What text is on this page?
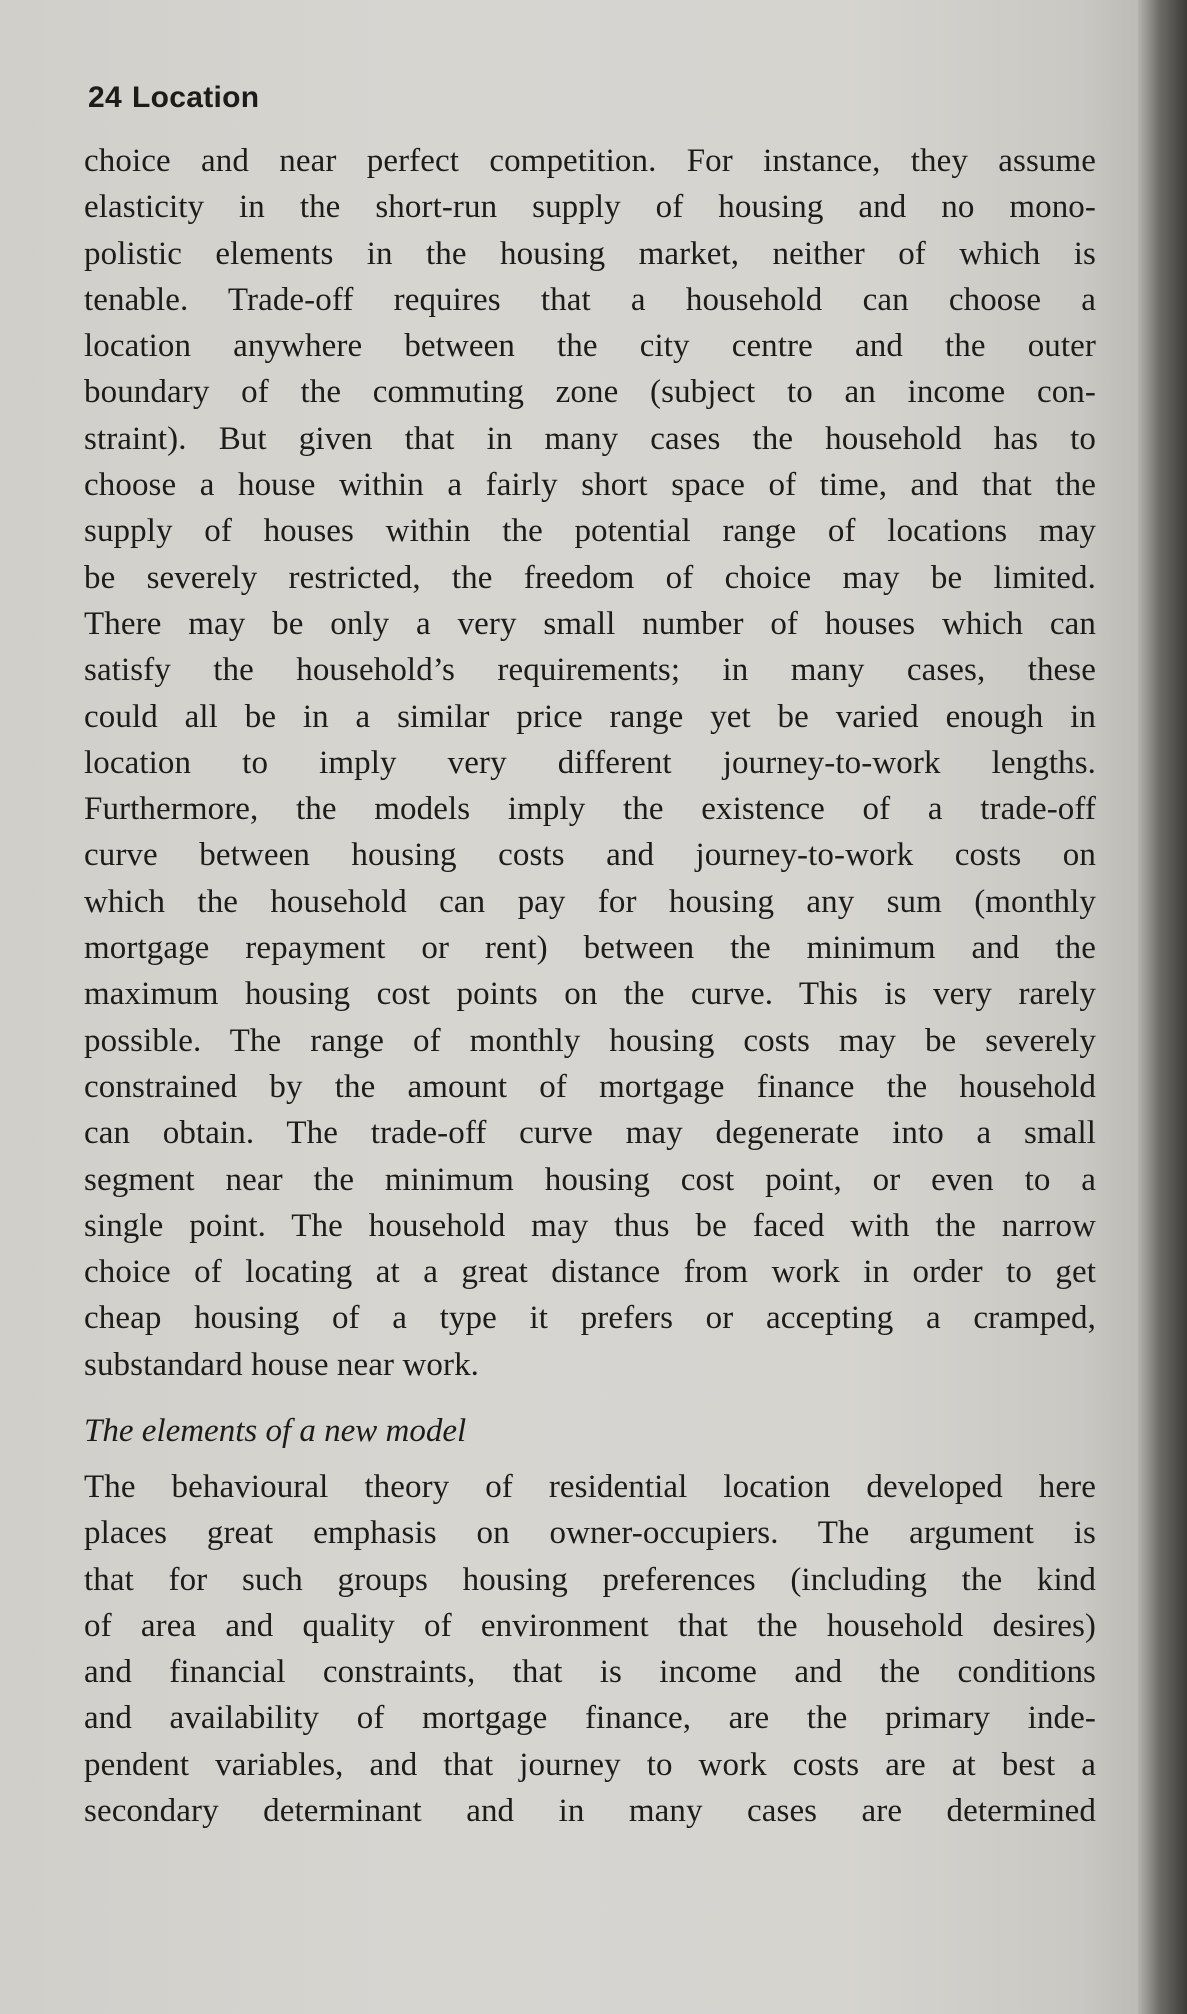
24 Location

choice and near perfect competition. For instance, they assume
elasticity in the short-run supply of housing and no mono-
polistic elements in the housing market, neither of which is
tenable. Trade-off requires that a household can choose a
location anywhere between the city centre and the outer
boundary of the commuting zone (subject to an income con-
straint). But given that in many cases the household has to
choose a house within a fairly short space of time, and that the
supply of houses within the potential range of locations may
be severely restricted, the freedom of choice may be limited.
There may be only a very small number of houses which can
satisfy the household’s requirements; in many cases, these
could all be in a similar price range yet be varied enough in
location to imply very different journey-to-work lengths.
Furthermore, the models imply the existence of a trade-off
curve between housing costs and journey-to-work costs on
which the household can pay for housing any sum (monthly
mortgage repayment or rent) between the minimum and the
maximum housing cost points on the curve. This is very rarely
possible. The range of monthly housing costs may be severely
constrained by the amount of mortgage finance the household
can obtain. The trade-off curve may degenerate into a small
segment near the minimum housing cost point, or even to a
single point. The household may thus be faced with the narrow
choice of locating at a great distance from work in order to get
cheap housing of a type it prefers or accepting a cramped,
substandard house near work.

The elements of a new model

The behavioural theory of residential location developed here
places great emphasis on owner-occupiers. The argument is
that for such groups housing preferences (including the kind
of area and quality of environment that the household desires)
and financial constraints, that is income and the conditions
and availability of mortgage finance, are the primary inde-
pendent variables, and that journey to work costs are at best a
secondary determinant and in many cases are determined
